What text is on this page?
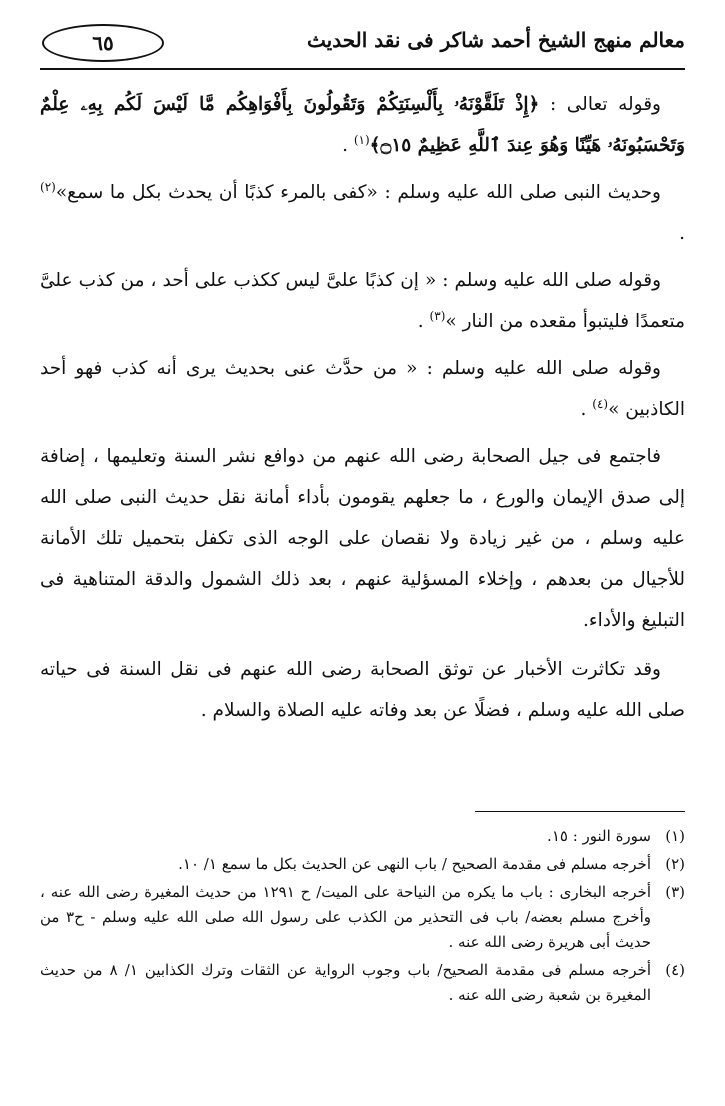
معالم منهج الشيخ أحمد شاكر فى نقد الحديث
٦٥

وقوله تعالى : ﴿إِذْ تَلَقَّوْنَهُۥ بِأَلْسِنَتِكُمْ وَتَقُولُونَ بِأَفْوَاهِكُم مَّا لَيْسَ لَكُم بِهِۦ عِلْمٌ وَتَحْسَبُونَهُۥ هَيِّنًا وَهُوَ عِندَ ٱللَّهِ عَظِيمٌ ۝١٥﴾$^{(١)}$ .

وحديث النبى صلى الله عليه وسلم : «كفى بالمرء كذبًا أن يحدث بكل ما سمع»$^{(٢)}$ .

وقوله صلى الله عليه وسلم : « إن كذبًا علىَّ ليس ككذب على أحد ، من كذب علىَّ متعمدًا فليتبوأ مقعده من النار »$^{(٣)}$ .

وقوله صلى الله عليه وسلم : « من حدَّث عنى بحديث يرى أنه كذب فهو أحد الكاذبين »$^{(٤)}$ .

فاجتمع فى جيل الصحابة رضى الله عنهم من دوافع نشر السنة وتعليمها ، إضافة إلى صدق الإيمان والورع ، ما جعلهم يقومون بأداء أمانة نقل حديث النبى صلى الله عليه وسلم ، من غير زيادة ولا نقصان على الوجه الذى تكفل بتحميل تلك الأمانة للأجيال من بعدهم ، وإخلاء المسؤلية عنهم ، بعد ذلك الشمول والدقة المتناهية فى التبليغ والأداء.

وقد تكاثرت الأخبار عن توثق الصحابة رضى الله عنهم فى نقل السنة فى حياته صلى الله عليه وسلم ، فضلًا عن بعد وفاته عليه الصلاة والسلام .

(١)
سورة النور : ١٥.
(٢)
أخرجه مسلم فى مقدمة الصحيح / باب النهى عن الحديث بكل ما سمع ١/ ١٠.
(٣)
أخرجه البخارى : باب ما يكره من النياحة على الميت/ ح ١٢٩١ من حديث المغيرة رضى الله عنه ، وأخرج مسلم بعضه/ باب فى التحذير من الكذب على رسول الله صلى الله عليه وسلم - ح٣ من حديث أبى هريرة رضى الله عنه .
(٤)
أخرجه مسلم فى مقدمة الصحيح/ باب وجوب الرواية عن الثقات وترك الكذابين ١/ ٨ من حديث المغيرة بن شعبة رضى الله عنه .
